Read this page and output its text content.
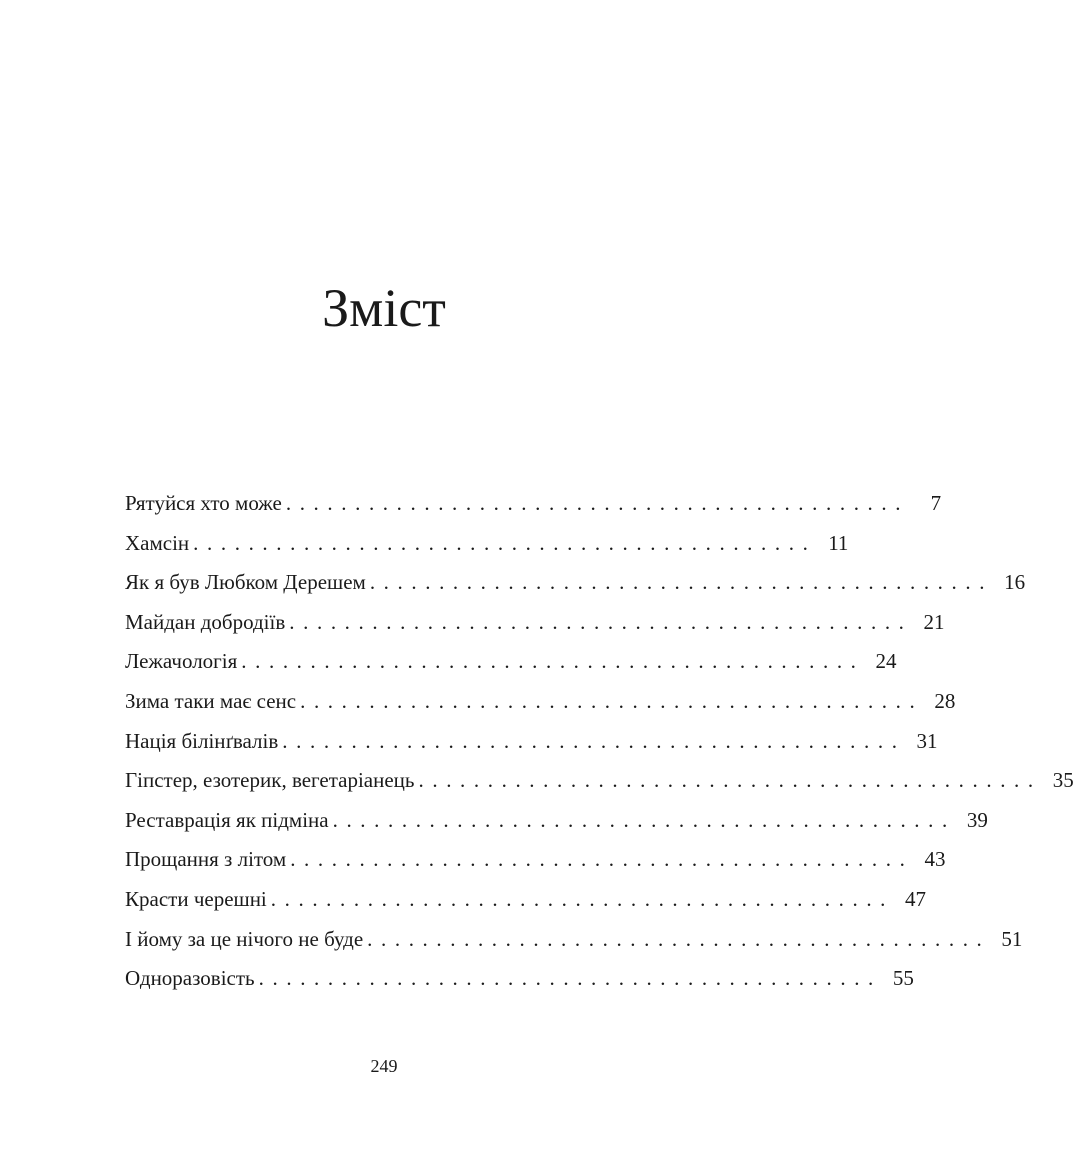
Зміст
Рятуйся хто може .............................................	7
Хамсін ............................................. 11
Як я був Любком Дерешем ............................................. 16
Майдан добродіїв ............................................. 21
Лежачологія ............................................. 24
Зима таки має сенс ............................................. 28
Нація білінґвалів ............................................. 31
Гіпстер, езотерик, вегетаріанець ............................................. 35
Реставрація як підміна ............................................. 39
Прощання з літом ............................................. 43
Красти черешні ............................................. 47
І йому за це нічого не буде ............................................. 51
Одноразовість ............................................. 55
249
